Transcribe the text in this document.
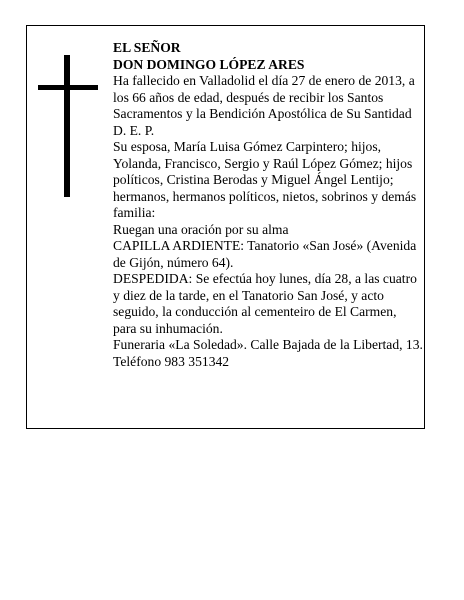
EL SEÑOR

DON DOMINGO LÓPEZ ARES

Ha fallecido en Valladolid el día 27 de enero de 2013, a los 66 años de edad, después de recibir los Santos Sacramentos y la Bendición Apostólica de Su Santidad D. E. P.

Su esposa, María Luisa Gómez Carpintero; hijos, Yolanda, Francisco, Sergio y Raúl López Gómez; hijos políticos, Cristina Berodas y Miguel Ángel Lentijo; hermanos, hermanos políticos, nietos, sobrinos y demás familia:

Ruegan una oración por su alma

CAPILLA ARDIENTE: Tanatorio «San José» (Avenida de Gijón, número 64).

DESPEDIDA: Se efectúa hoy lunes, día 28, a las cuatro y diez de la tarde, en el Tanatorio San José, y acto seguido, la conducción al cementeiro de El Carmen, para su inhumación.

Funeraria «La Soledad». Calle Bajada de la Libertad, 13. Teléfono 983 351342
